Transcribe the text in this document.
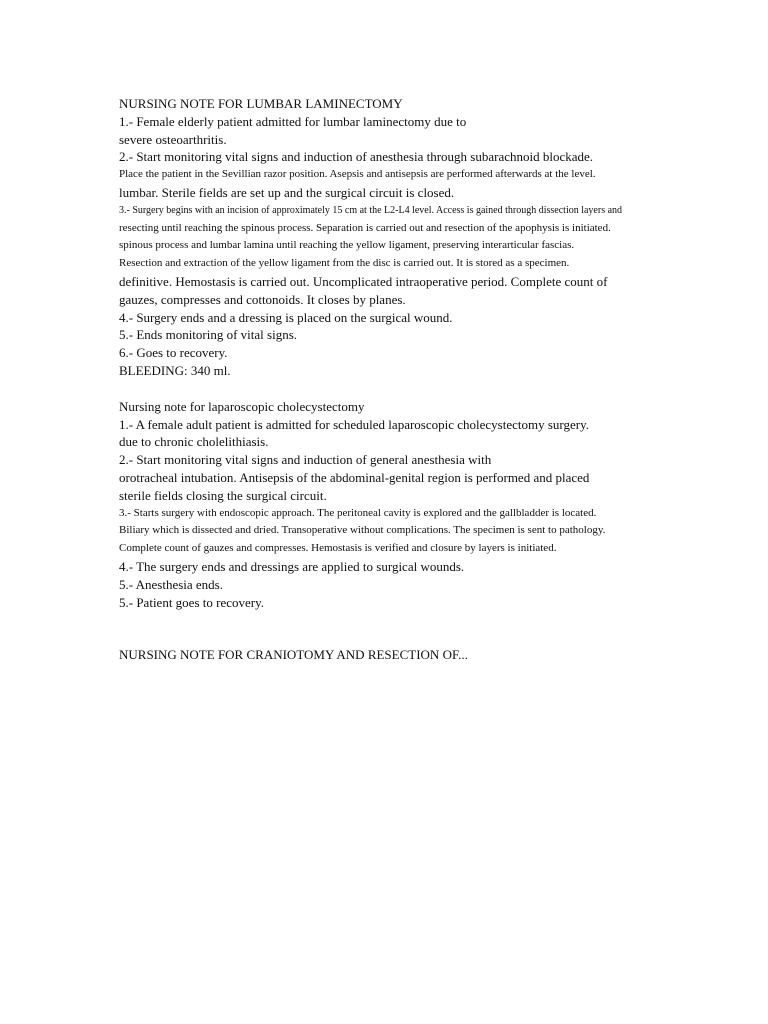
NURSING NOTE FOR LUMBAR LAMINECTOMY
1.- Female elderly patient admitted for lumbar laminectomy due to
severe osteoarthritis.
2.- Start monitoring vital signs and induction of anesthesia through subarachnoid blockade.
Place the patient in the Sevillian razor position. Asepsis and antisepsis are performed afterwards at the level.
lumbar. Sterile fields are set up and the surgical circuit is closed.
3.- Surgery begins with an incision of approximately 15 cm at the L2-L4 level. Access is gained through dissection layers and
resecting until reaching the spinous process. Separation is carried out and resection of the apophysis is initiated.
spinous process and lumbar lamina until reaching the yellow ligament, preserving interarticular fascias.
Resection and extraction of the yellow ligament from the disc is carried out. It is stored as a specimen.
definitive. Hemostasis is carried out. Uncomplicated intraoperative period. Complete count of
gauzes, compresses and cottonoids. It closes by planes.
4.- Surgery ends and a dressing is placed on the surgical wound.
5.- Ends monitoring of vital signs.
6.- Goes to recovery.
BLEEDING: 340 ml.
Nursing note for laparoscopic cholecystectomy
1.- A female adult patient is admitted for scheduled laparoscopic cholecystectomy surgery.
due to chronic cholelithiasis.
2.- Start monitoring vital signs and induction of general anesthesia with
orotracheal intubation. Antisepsis of the abdominal-genital region is performed and placed
sterile fields closing the surgical circuit.
3.- Starts surgery with endoscopic approach. The peritoneal cavity is explored and the gallbladder is located.
Biliary which is dissected and dried. Transoperative without complications. The specimen is sent to pathology.
Complete count of gauzes and compresses. Hemostasis is verified and closure by layers is initiated.
4.- The surgery ends and dressings are applied to surgical wounds.
5.- Anesthesia ends.
5.- Patient goes to recovery.
NURSING NOTE FOR CRANIOTOMY AND RESECTION OF...
